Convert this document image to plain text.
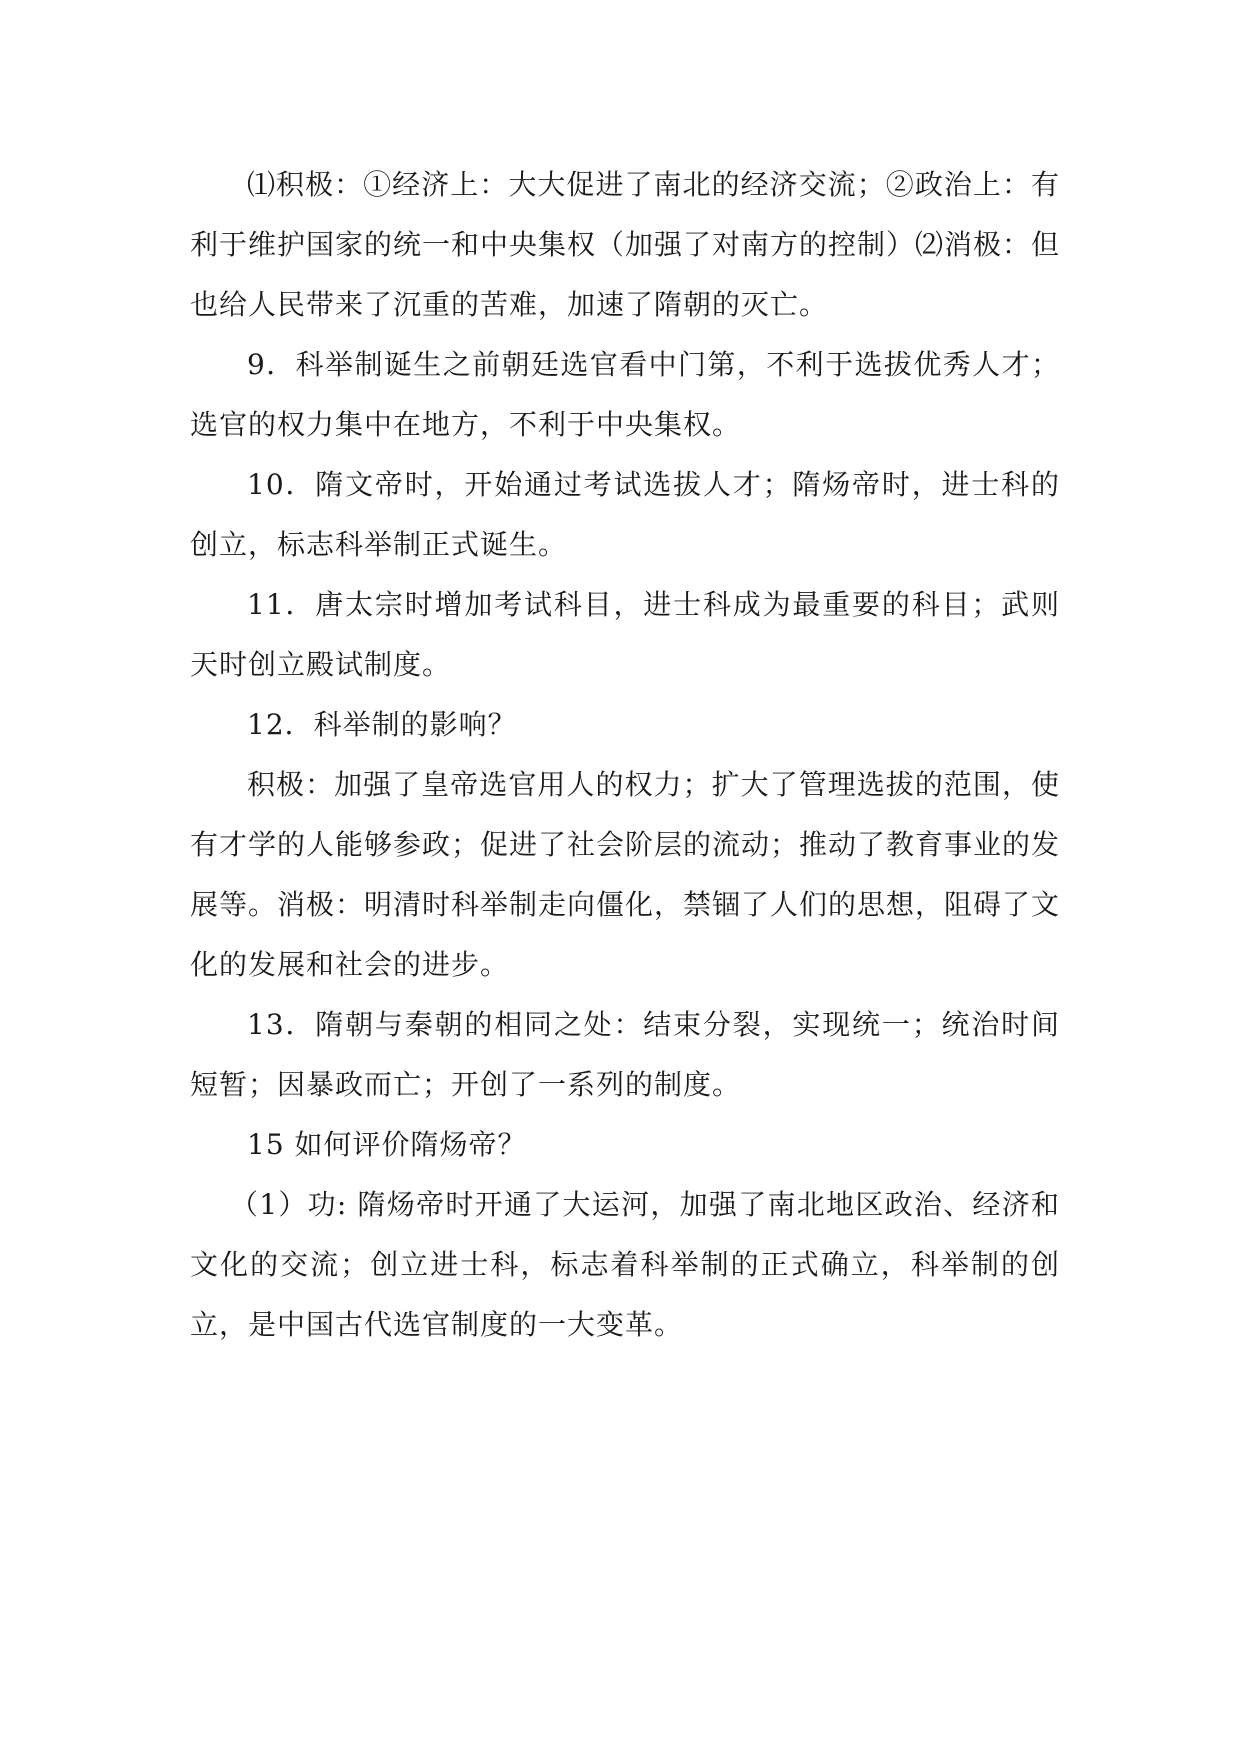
⑴积极：①经济上：大大促进了南北的经济交流；②政治上：有利于维护国家的统一和中央集权（加强了对南方的控制）⑵消极：但也给人民带来了沉重的苦难，加速了隋朝的灭亡。

9．科举制诞生之前朝廷选官看中门第，不利于选拔优秀人才；选官的权力集中在地方，不利于中央集权。

10．隋文帝时，开始通过考试选拔人才；隋炀帝时，进士科的创立，标志科举制正式诞生。

11．唐太宗时增加考试科目，进士科成为最重要的科目；武则天时创立殿试制度。

12．科举制的影响？

积极：加强了皇帝选官用人的权力；扩大了管理选拔的范围，使有才学的人能够参政；促进了社会阶层的流动；推动了教育事业的发展等。消极：明清时科举制走向僵化，禁锢了人们的思想，阻碍了文化的发展和社会的进步。

13．隋朝与秦朝的相同之处：结束分裂，实现统一；统治时间短暂；因暴政而亡；开创了一系列的制度。

15 如何评价隋炀帝？

（1）功: 隋炀帝时开通了大运河，加强了南北地区政治、经济和文化的交流；创立进士科，标志着科举制的正式确立，科举制的创立，是中国古代选官制度的一大变革。
